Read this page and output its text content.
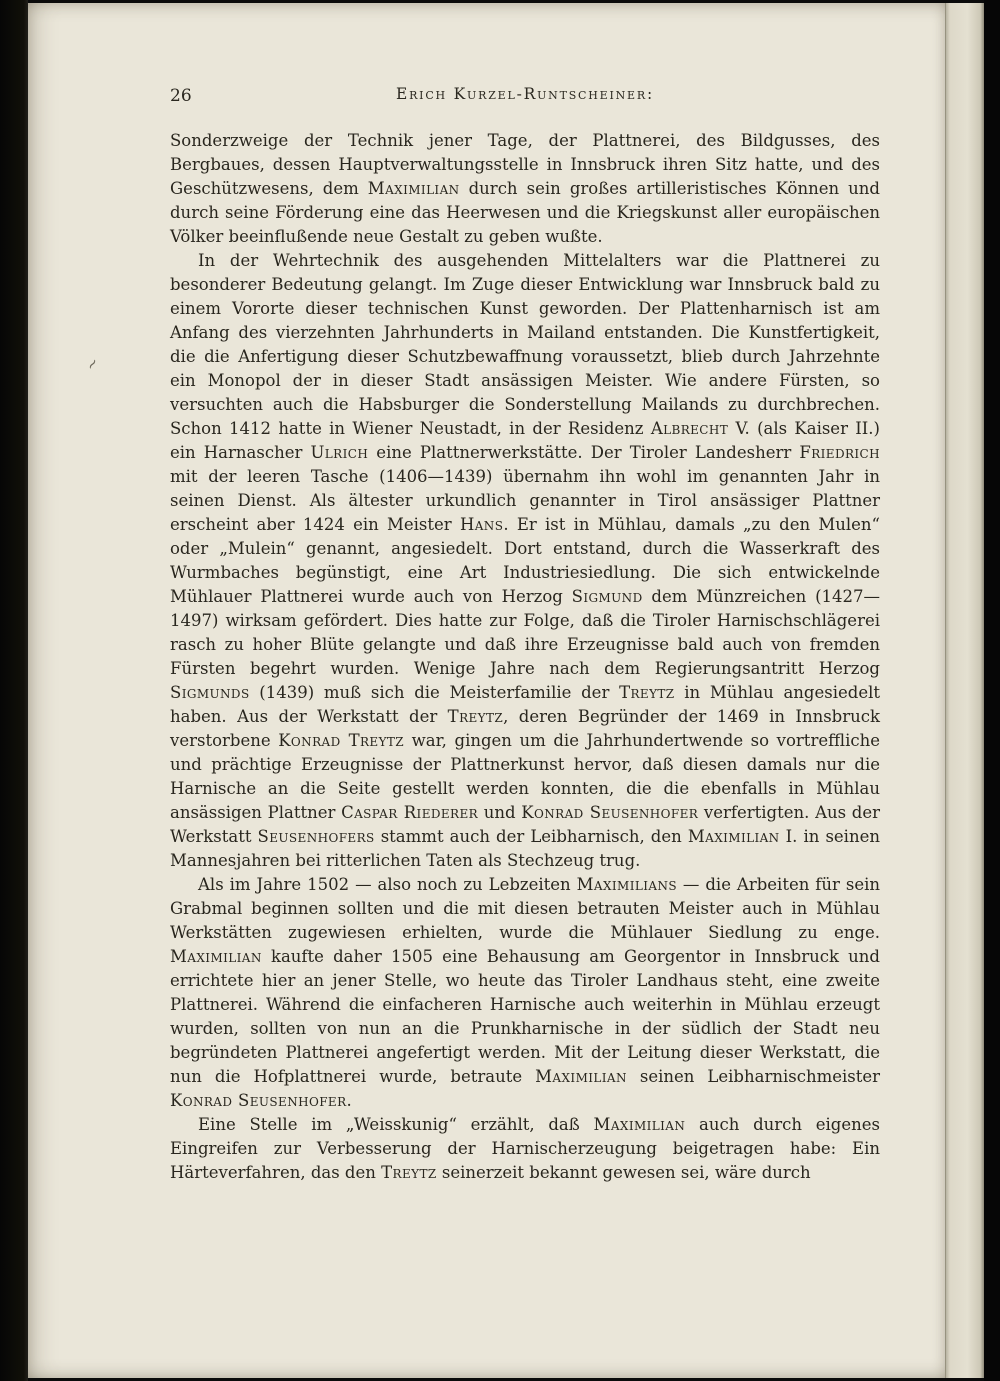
26	Erich Kurzel-Runtscheiner:
~

Sonderzweige der Technik jener Tage, der Plattnerei, des Bildgusses, des Bergbaues, dessen Hauptverwaltungsstelle in Innsbruck ihren Sitz hatte, und des Geschützwesens, dem Maximilian durch sein großes artilleristisches Können und durch seine Förderung eine das Heerwesen und die Kriegskunst aller europäischen Völker beeinflußende neue Gestalt zu geben wußte.

In der Wehrtechnik des ausgehenden Mittelalters war die Plattnerei zu besonderer Bedeutung gelangt. Im Zuge dieser Entwicklung war Innsbruck bald zu einem Vororte dieser technischen Kunst geworden. Der Plattenharnisch ist am Anfang des vierzehnten Jahrhunderts in Mailand entstanden. Die Kunstfertigkeit, die die Anfertigung dieser Schutzbewaffnung voraussetzt, blieb durch Jahrzehnte ein Monopol der in dieser Stadt ansässigen Meister. Wie andere Fürsten, so versuchten auch die Habsburger die Sonderstellung Mailands zu durchbrechen. Schon 1412 hatte in Wiener Neustadt, in der Residenz Albrecht V. (als Kaiser II.) ein Harnascher Ulrich eine Plattnerwerkstätte. Der Tiroler Landesherr Friedrich mit der leeren Tasche (1406—1439) übernahm ihn wohl im genannten Jahr in seinen Dienst. Als ältester urkundlich genannter in Tirol ansässiger Plattner erscheint aber 1424 ein Meister Hans. Er ist in Mühlau, damals „zu den Mulen“ oder „Mulein“ genannt, angesiedelt. Dort entstand, durch die Wasserkraft des Wurmbaches begünstigt, eine Art Industriesiedlung. Die sich entwickelnde Mühlauer Plattnerei wurde auch von Herzog Sigmund dem Münzreichen (1427—1497) wirksam gefördert. Dies hatte zur Folge, daß die Tiroler Harnischschlägerei rasch zu hoher Blüte gelangte und daß ihre Erzeugnisse bald auch von fremden Fürsten begehrt wurden. Wenige Jahre nach dem Regierungsantritt Herzog Sigmunds (1439) muß sich die Meisterfamilie der Treytz in Mühlau angesiedelt haben. Aus der Werkstatt der Treytz, deren Begründer der 1469 in Innsbruck verstorbene Konrad Treytz war, gingen um die Jahrhundertwende so vortreffliche und prächtige Erzeugnisse der Plattnerkunst hervor, daß diesen damals nur die Harnische an die Seite gestellt werden konnten, die die ebenfalls in Mühlau ansässigen Plattner Caspar Riederer und Konrad Seusenhofer verfertigten. Aus der Werkstatt Seusenhofers stammt auch der Leibharnisch, den Maximilian I. in seinen Mannesjahren bei ritterlichen Taten als Stechzeug trug.

Als im Jahre 1502 — also noch zu Lebzeiten Maximilians — die Arbeiten für sein Grabmal beginnen sollten und die mit diesen betrauten Meister auch in Mühlau Werkstätten zugewiesen erhielten, wurde die Mühlauer Siedlung zu enge. Maximilian kaufte daher 1505 eine Behausung am Georgentor in Innsbruck und errichtete hier an jener Stelle, wo heute das Tiroler Landhaus steht, eine zweite Plattnerei. Während die einfacheren Harnische auch weiterhin in Mühlau erzeugt wurden, sollten von nun an die Prunkharnische in der südlich der Stadt neu begründeten Plattnerei angefertigt werden. Mit der Leitung dieser Werkstatt, die nun die Hofplattnerei wurde, betraute Maximilian seinen Leibharnischmeister Konrad Seusenhofer.

Eine Stelle im „Weisskunig“ erzählt, daß Maximilian auch durch eigenes Eingreifen zur Verbesserung der Harnischerzeugung beigetragen habe: Ein Härteverfahren, das den Treytz seinerzeit bekannt gewesen sei, wäre durch
